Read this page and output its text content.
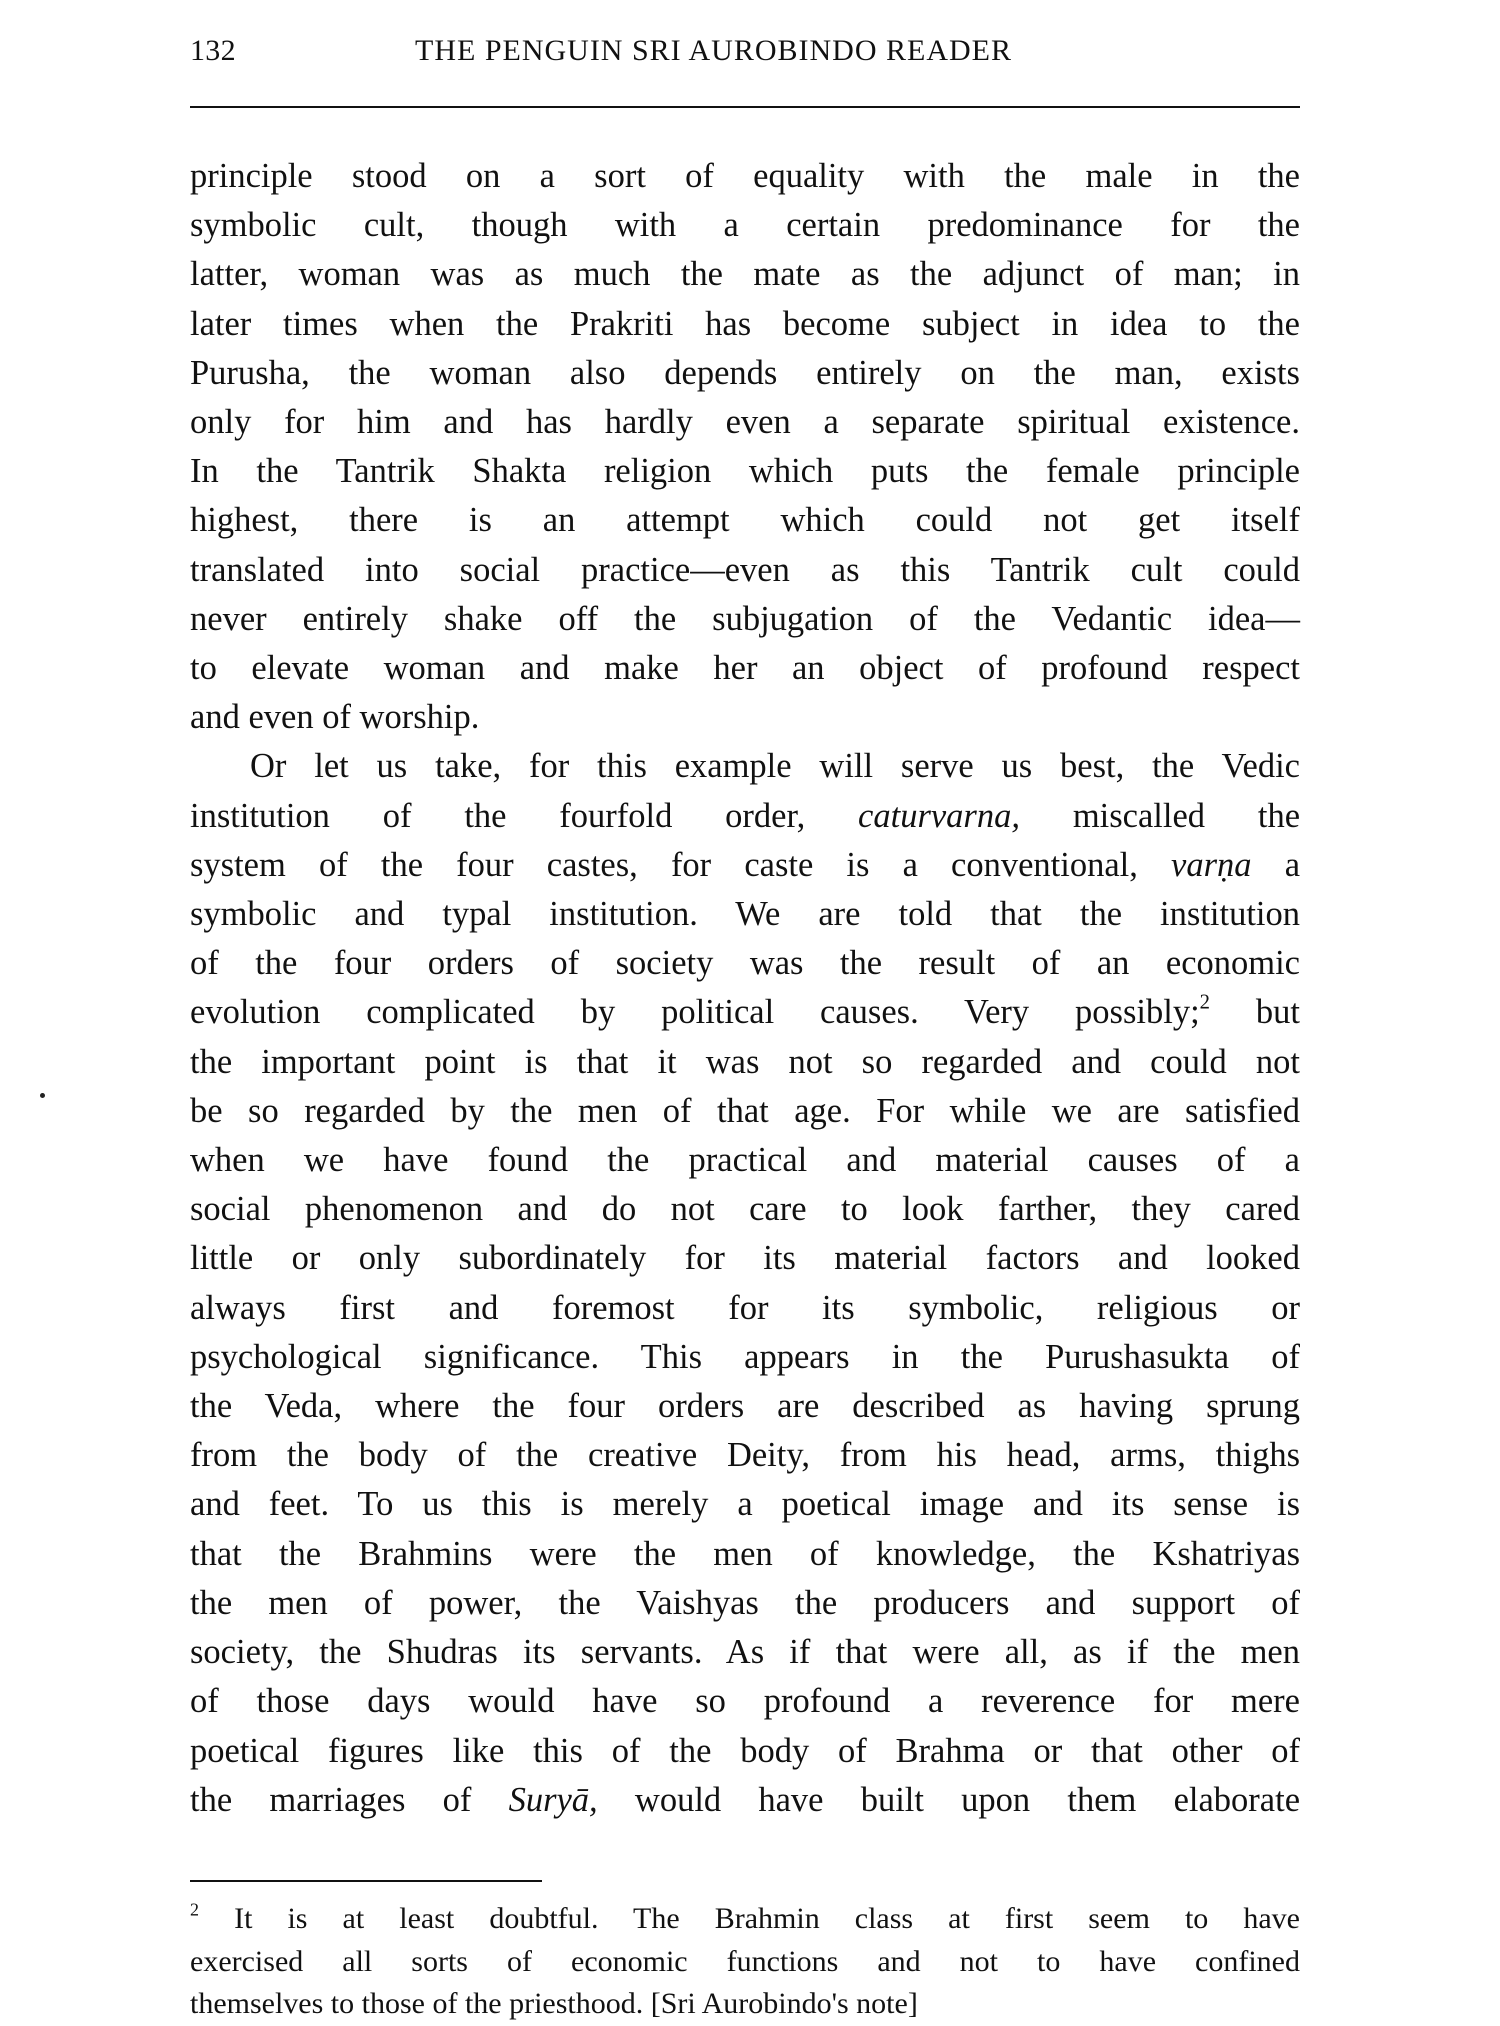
132	THE PENGUIN SRI AUROBINDO READER

principle stood on a sort of equality with the male in the
symbolic cult, though with a certain predominance for the
latter, woman was as much the mate as the adjunct of man; in
later times when the Prakriti has become subject in idea to the
Purusha, the woman also depends entirely on the man, exists
only for him and has hardly even a separate spiritual existence.
In the Tantrik Shakta religion which puts the female principle
highest, there is an attempt which could not get itself
translated into social practice—even as this Tantrik cult could
never entirely shake off the subjugation of the Vedantic idea—
to elevate woman and make her an object of profound respect
and even of worship.

Or let us take, for this example will serve us best, the Vedic
institution of the fourfold order, caturvarna, miscalled the
system of the four castes, for caste is a conventional, varṇa a
symbolic and typal institution. We are told that the institution
of the four orders of society was the result of an economic
evolution complicated by political causes. Very possibly;$^2$ but
the important point is that it was not so regarded and could not
be so regarded by the men of that age. For while we are satisfied
when we have found the practical and material causes of a
social phenomenon and do not care to look farther, they cared
little or only subordinately for its material factors and looked
always first and foremost for its symbolic, religious or
psychological significance. This appears in the Purushasukta of
the Veda, where the four orders are described as having sprung
from the body of the creative Deity, from his head, arms, thighs
and feet. To us this is merely a poetical image and its sense is
that the Brahmins were the men of knowledge, the Kshatriyas
the men of power, the Vaishyas the producers and support of
society, the Shudras its servants. As if that were all, as if the men
of those days would have so profound a reverence for mere
poetical figures like this of the body of Brahma or that other of
the marriages of Suryā, would have built upon them elaborate

$^2$ It is at least doubtful. The Brahmin class at first seem to have
exercised all sorts of economic functions and not to have confined
themselves to those of the priesthood. [Sri Aurobindo's note]
